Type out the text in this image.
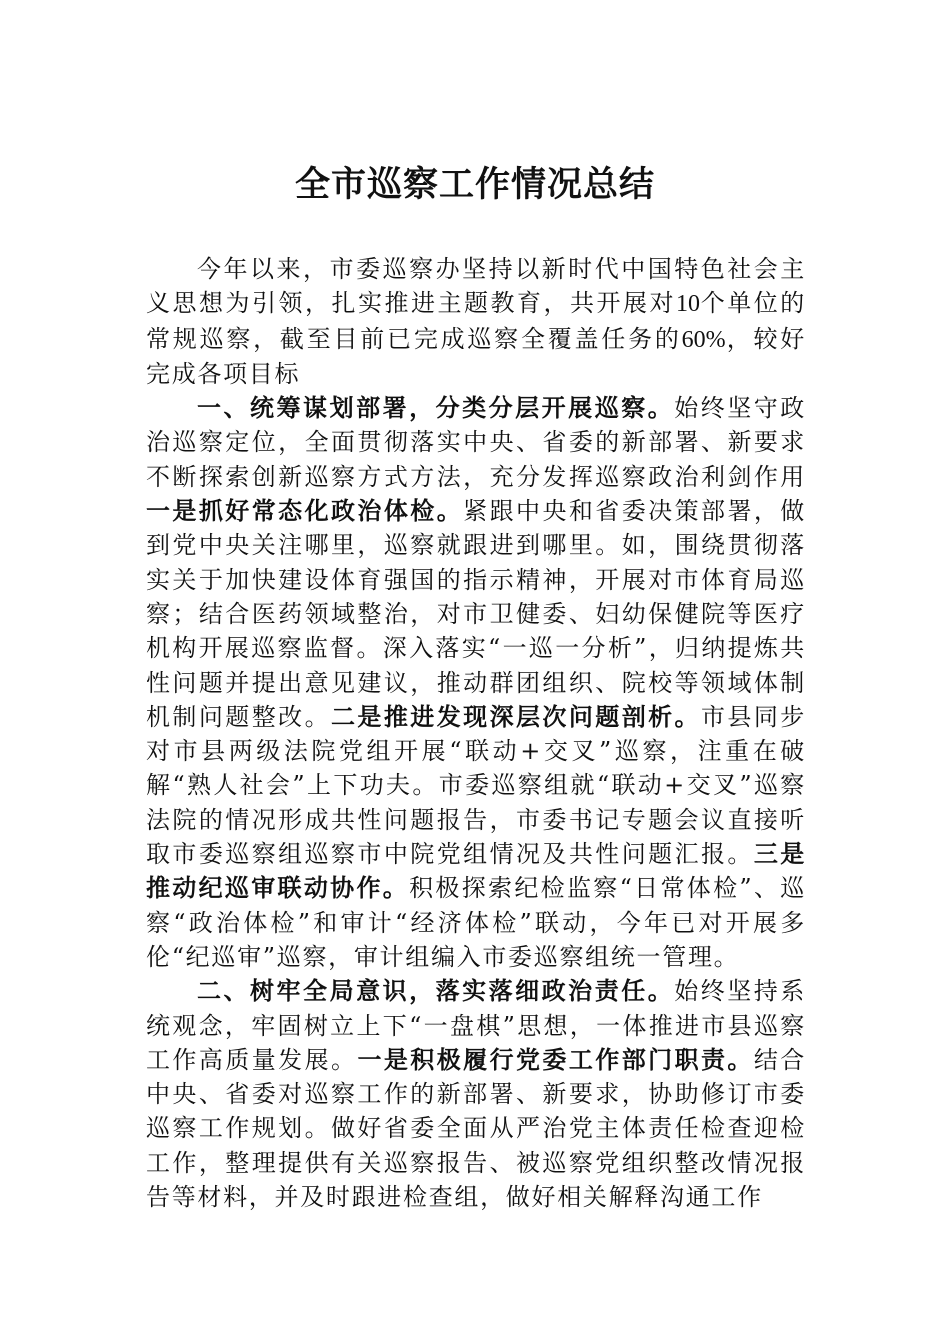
全市巡察工作情况总结

今年以来，市委巡察办坚持以新时代中国特色社会主义思想为引领，扎实推进主题教育，共开展对10个单位的常规巡察，截至目前已完成巡察全覆盖任务的60%，较好完成各项目标

一、统筹谋划部署，分类分层开展巡察。始终坚守政治巡察定位，全面贯彻落实中央、省委的新部署、新要求不断探索创新巡察方式方法，充分发挥巡察政治利剑作用一是抓好常态化政治体检。紧跟中央和省委决策部署，做到党中央关注哪里，巡察就跟进到哪里。如，围绕贯彻落实关于加快建设体育强国的指示精神，开展对市体育局巡察；结合医药领域整治，对市卫健委、妇幼保健院等医疗机构开展巡察监督。深入落实“一巡一分析”，归纳提炼共性问题并提出意见建议，推动群团组织、院校等领域体制机制问题整改。二是推进发现深层次问题剖析。市县同步对市县两级法院党组开展“联动+交叉”巡察，注重在破解“熟人社会”上下功夫。市委巡察组就“联动+交叉”巡察法院的情况形成共性问题报告，市委书记专题会议直接听取市委巡察组巡察市中院党组情况及共性问题汇报。三是推动纪巡审联动协作。积极探索纪检监察“日常体检”、巡察“政治体检”和审计“经济体检”联动，今年已对开展多伦“纪巡审”巡察，审计组编入市委巡察组统一管理。

二、树牢全局意识，落实落细政治责任。始终坚持系统观念，牢固树立上下“一盘棋”思想，一体推进市县巡察工作高质量发展。一是积极履行党委工作部门职责。结合中央、省委对巡察工作的新部署、新要求，协助修订市委巡察工作规划。做好省委全面从严治党主体责任检查迎检工作，整理提供有关巡察报告、被巡察党组织整改情况报告等材料，并及时跟进检查组，做好相关解释沟通工作
